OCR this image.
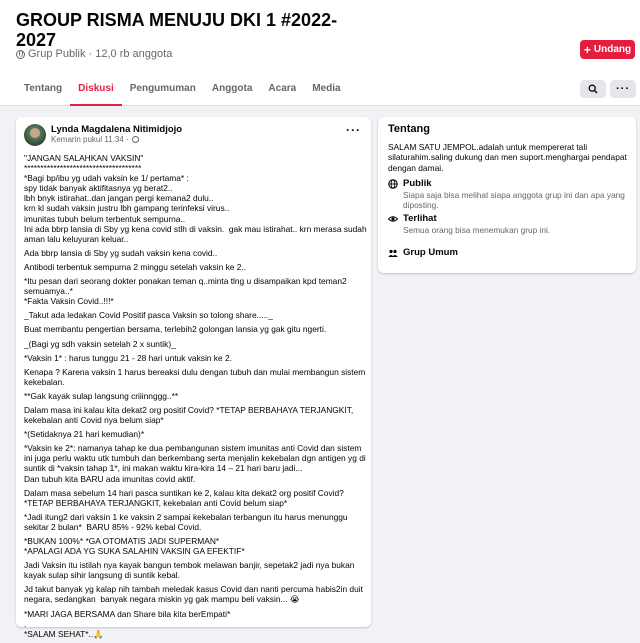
GROUP RISMA MENUJU DKI 1 #2022-2027
Grup Publik · 12,0 rb anggota	+ Undang
Tentang	Diskusi	Pengumuman	Anggota	Acara	Media	···
Lynda Magdalena Nitimidjojo
Kemarin pukul 11.34 ·
···

"JANGAN SALAHKAN VAKSIN"
************************************
*Bagi bp/ibu yg udah vaksin ke 1/ pertama* :
spy tidak banyak aktifitasnya yg berat2..
lbh bnyk istirahat..dan jangan pergi kemana2 dulu..
krn kl sudah vaksin justru lbh gampang terinfeksi virus..
imunitas tubuh belum terbentuk sempurna..
Ini ada bbrp lansia di Sby yg kena covid stlh di vaksin.  gak mau istirahat.. krn merasa sudah aman lalu keluyuran keluar..

Ada bbrp lansia di Sby yg sudah vaksin kena covid..

Antibodi terbentuk sempurna 2 minggu setelah vaksin ke 2..

*Itu pesan dari seorang dokter ponakan teman q..minta tlng u disampaikan kpd teman2 semuamya..*
*Fakta Vaksin Covid..!!!*

_Takut ada ledakan Covid Positif pasca Vaksin so tolong share....._

Buat membantu pengertian bersama, terlebih2 golongan lansia yg gak gitu ngerti.

_(Bagi yg sdh vaksin setelah 2 x suntik)_

*Vaksin 1* : harus tunggu 21 - 28 hari untuk vaksin ke 2.

Kenapa ? Karena vaksin 1 harus bereaksi dulu dengan tubuh dan mulai membangun sistem kekebalan.

**Gak kayak sulap langsung criiinnggg..**

Dalam masa ini kalau kita dekat2 org positif Covid? *TETAP BERBAHAYA TERJANGKIT, kekebalan anti Covid nya belum siap*

*(Setidaknya 21 hari kemudian)*

*Vaksin ke 2*: namanya tahap ke dua pembangunan sistem imunitas anti Covid dan sistem ini juga perlu waktu utk tumbuh dan berkembang serta menjalin kekebalan dgn antigen yg di suntik di *vaksin tahap 1*, ini makan waktu kira-kira 14 – 21 hari baru jadi...
Dan tubuh kita BARU ada imunitas covid aktif.

Dalam masa sebelum 14 hari pasca suntikan ke 2, kalau kita dekat2 org positif Covid? *TETAP BERBAHAYA TERJANGKIT, kekebalan anti Covid belum siap*

*Jadi itung2 dari vaksin 1 ke vaksin 2 sampai kekebalan terbangun itu harus menunggu sekitar 2 bulan*  BARU 85% - 92% kebal Covid.

*BUKAN 100%* *GA OTOMATIS JADI SUPERMAN*
*APALAGI ADA YG SUKA SALAHIN VAKSIN GA EFEKTIF*

Jadi Vaksin itu istilah nya kayak bangun tembok melawan banjir, sepetak2 jadi nya bukan kayak sulap sihir langsung di suntik kebal.

Jd takut banyak yg kalap nih tambah meledak kasus Covid dan nanti percuma habis2in duit negara, sedangkan  banyak negara miskin yg gak mampu beli vaksin... 😭

*MARI JAGA BERSAMA dan Share bila kita berEmpati*
.
*SALAM SEHAT*..🙏

Tentang
SALAM SATU JEMPOL.adalah untuk mempererat tali silaturahim.saling dukung dan men suport.menghargai pendapat dengan damai.
Publik
Siapa saja bisa melihat siapa anggota grup ini dan apa yang diposting.
Terlihat
Semua orang bisa menemukan grup ini.
Grup Umum
